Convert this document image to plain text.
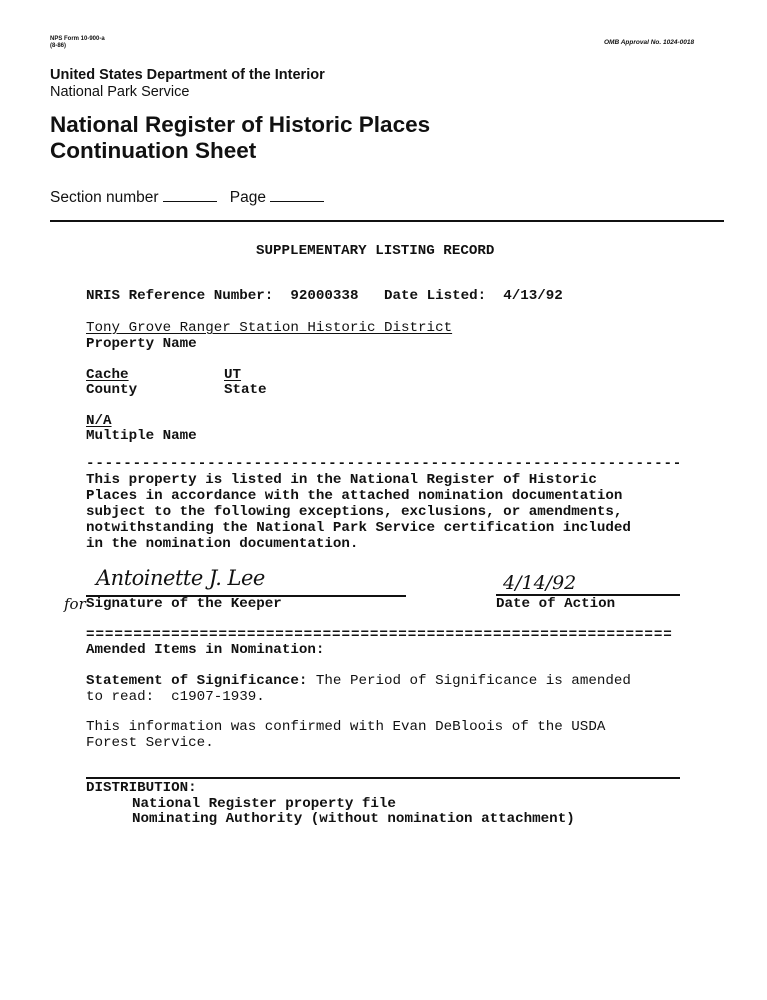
NPS Form 10-900-a
(8-86)	OMB Approval No. 1024-0018
United States Department of the Interior
National Park Service
National Register of Historic Places
Continuation Sheet
Section number	Page
SUPPLEMENTARY LISTING RECORD
NRIS Reference Number: 92000338 Date Listed: 4/13/92
Tony Grove Ranger Station Historic District
Property Name
Cache
County
UT
State
N/A
Multiple Name
----------------------------------------------------------------
This property is listed in the National Register of Historic
Places in accordance with the attached nomination documentation
subject to the following exceptions, exclusions, or amendments,
notwithstanding the National Park Service certification included
in the nomination documentation.
Antoinette J. Lee
for Signature of the Keeper
4/14/92
Date of Action
==============================================================
Amended Items in Nomination:
Statement of Significance: The Period of Significance is amended
to read:  c1907-1939.
This information was confirmed with Evan DeBloois of the USDA
Forest Service.
DISTRIBUTION:
National Register property file
Nominating Authority (without nomination attachment)
